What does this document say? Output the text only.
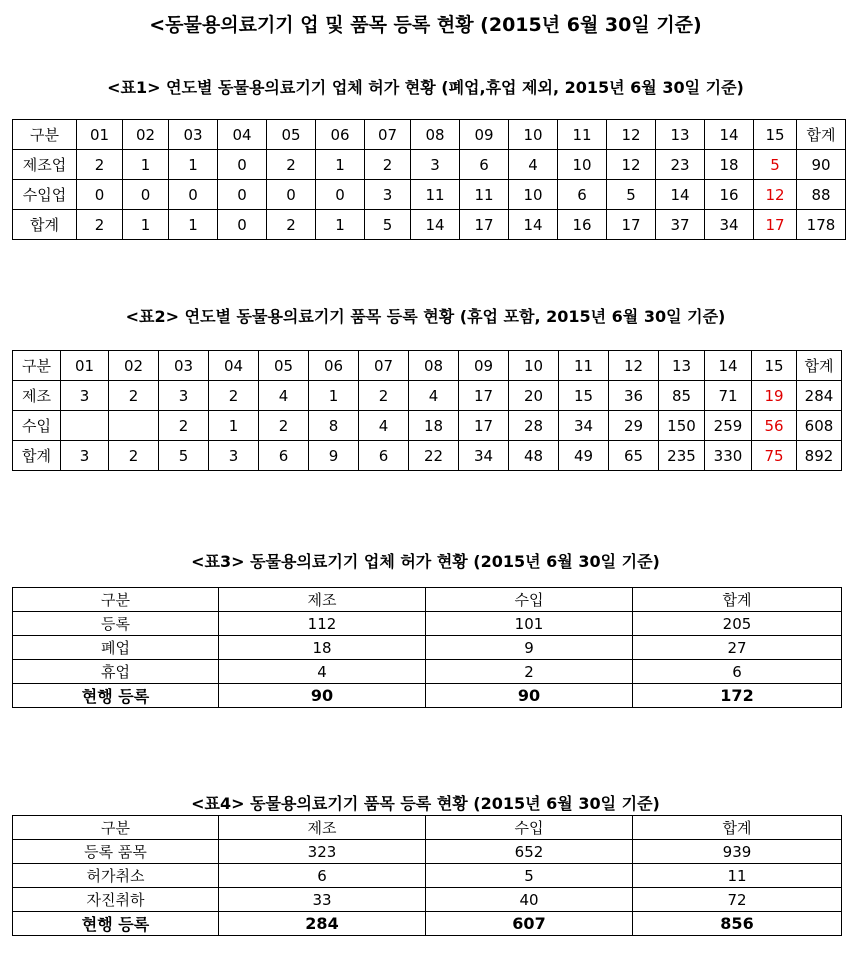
<동물용의료기기 업 및 품목 등록 현황 (2015년 6월 30일 기준)
<표1> 연도별 동물용의료기기 업체 허가 현황 (폐업,휴업 제외, 2015년 6월 30일 기준)
구분	01	02	03	04	05	06	07	08	09	10	11	12	13	14	15	합계
제조업	2	1	1	0	2	1	2	3	6	4	10	12	23	18	5	90
수입업	0	0	0	0	0	0	3	11	11	10	6	5	14	16	12	88
합계	2	1	1	0	2	1	5	14	17	14	16	17	37	34	17	178
<표2> 연도별 동물용의료기기 품목 등록 현황 (휴업 포함, 2015년 6월 30일 기준)
구분	01	02	03	04	05	06	07	08	09	10	11	12	13	14	15	합계
제조	3	2	3	2	4	1	2	4	17	20	15	36	85	71	19	284
수입			2	1	2	8	4	18	17	28	34	29	150	259	56	608
합계	3	2	5	3	6	9	6	22	34	48	49	65	235	330	75	892
<표3> 동물용의료기기 업체 허가 현황 (2015년 6월 30일 기준)
구분	제조	수입	합계
등록	112	101	205
폐업	18	9	27
휴업	4	2	6
현행 등록	90	90	172
<표4> 동물용의료기기 품목 등록 현황 (2015년 6월 30일 기준)
구분	제조	수입	합계
등록 품목	323	652	939
허가취소	6	5	11
자진취하	33	40	72
현행 등록	284	607	856
